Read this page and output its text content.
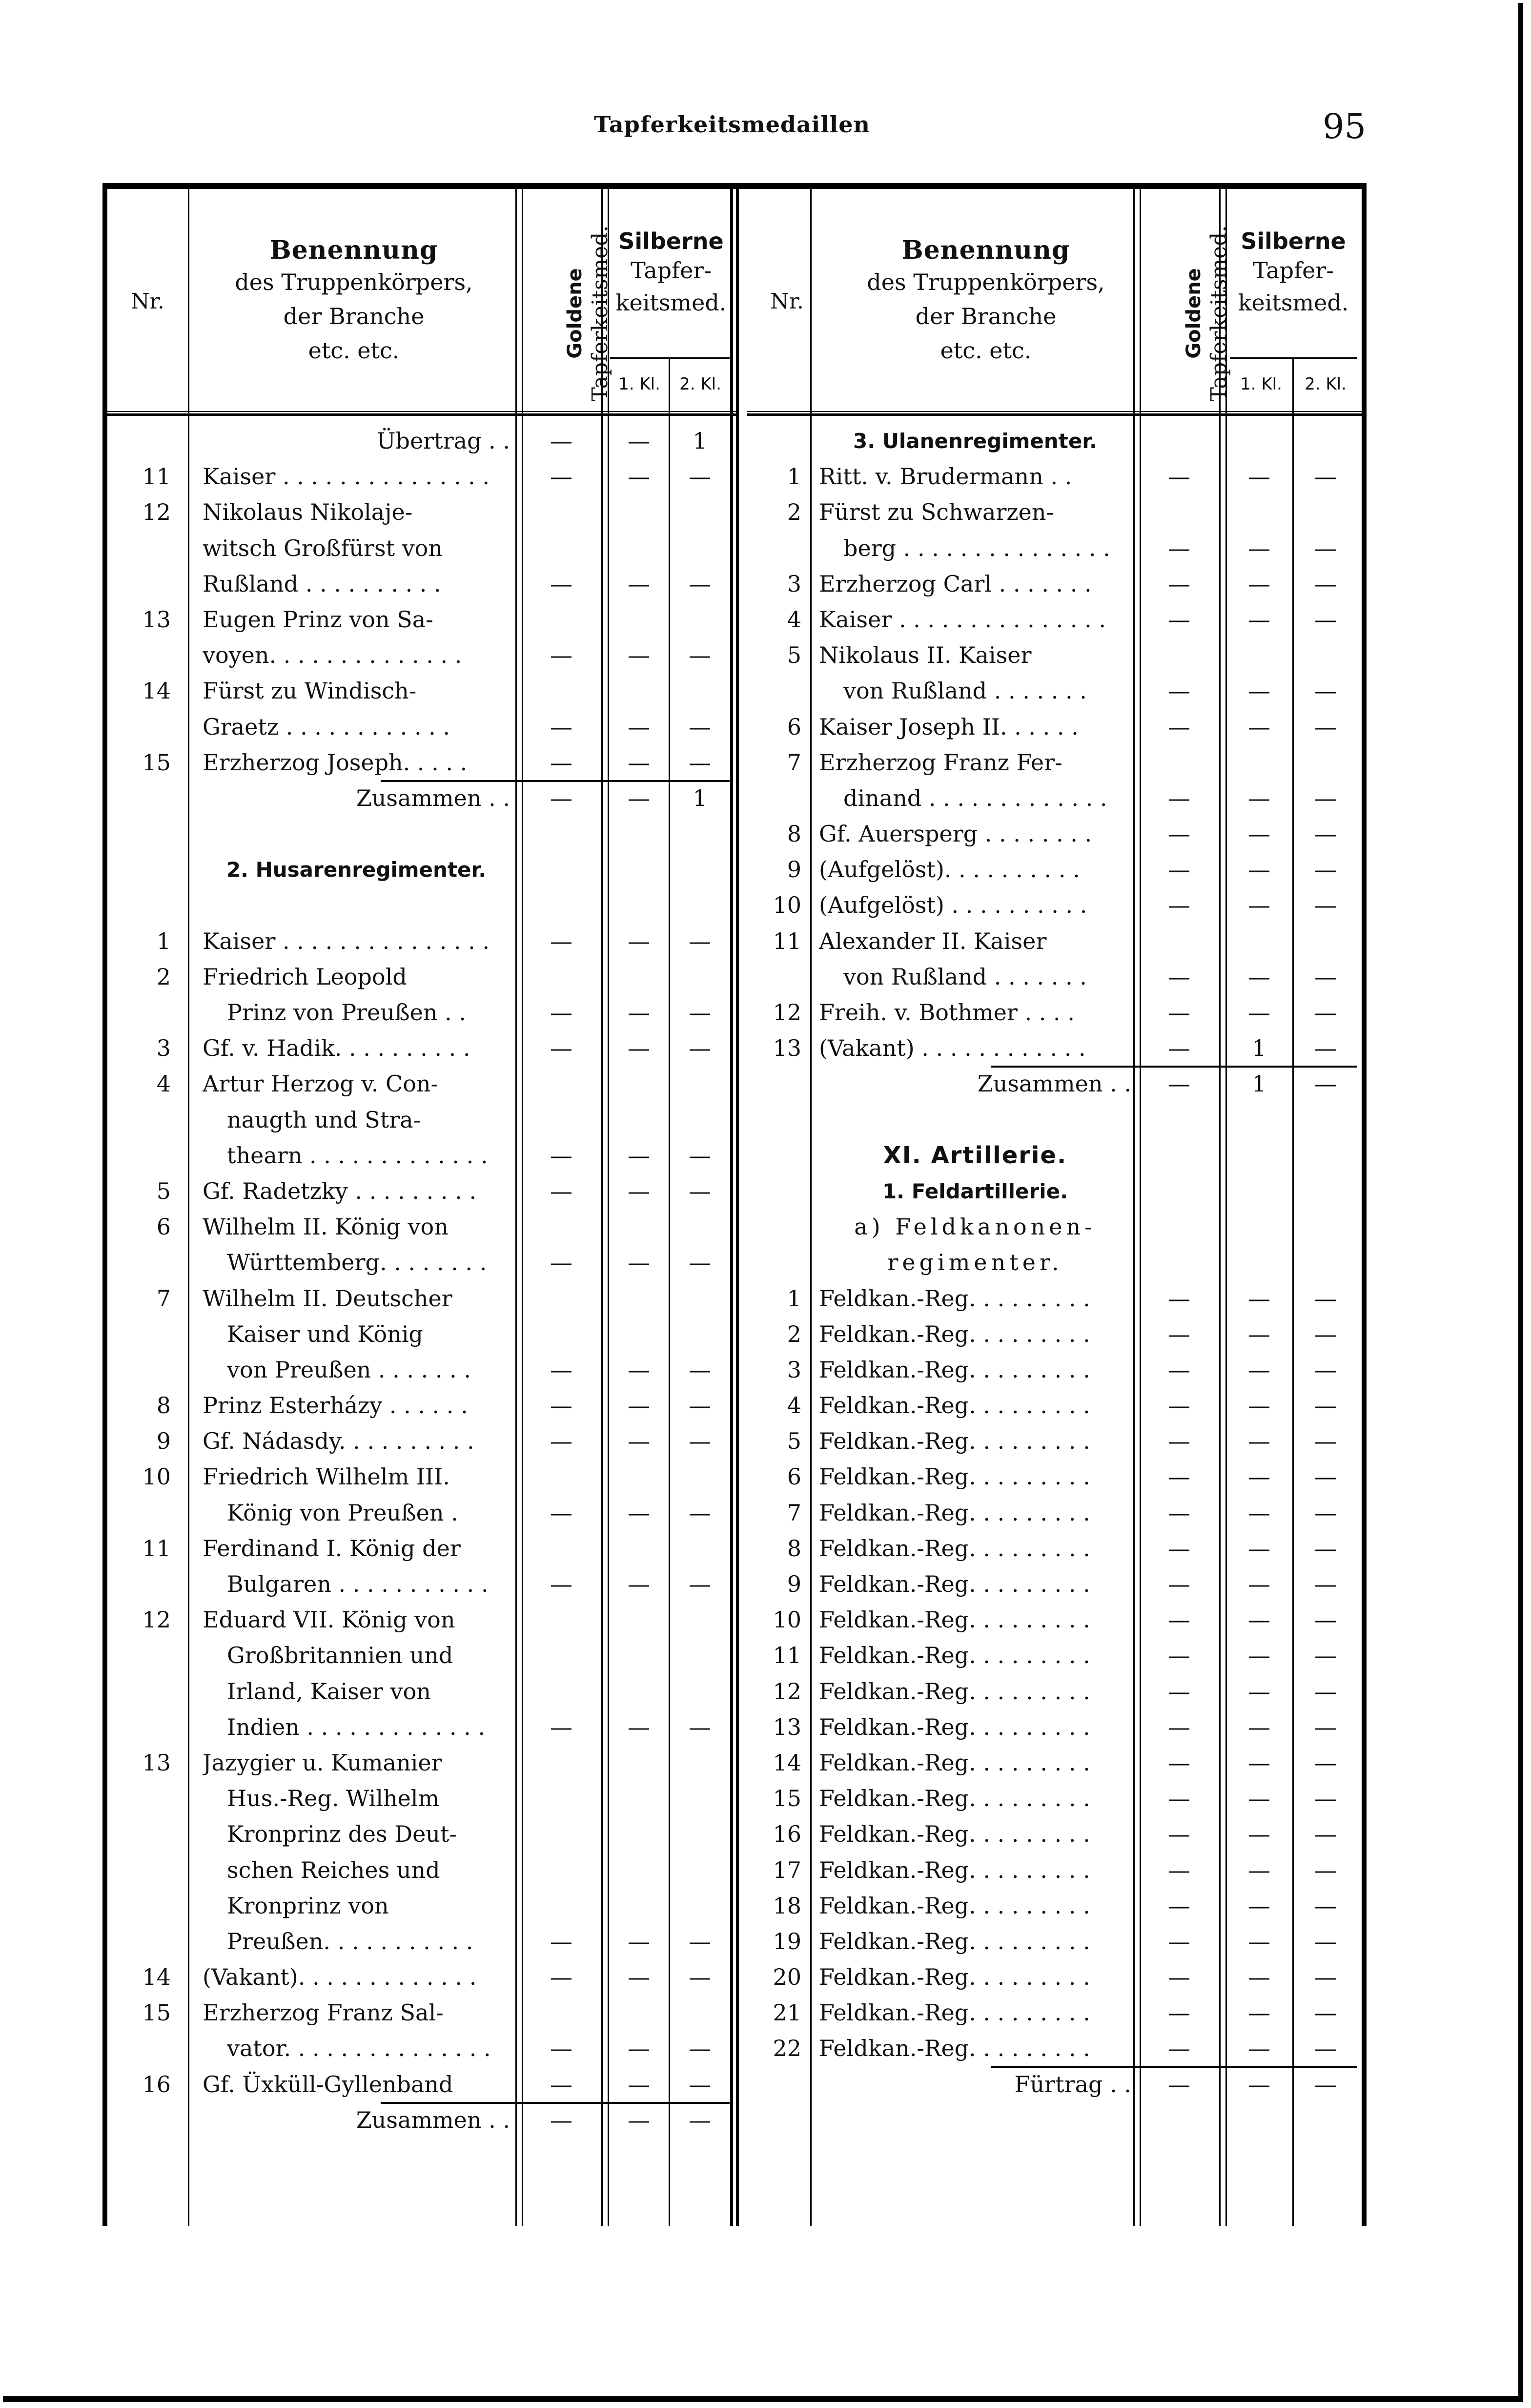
Tapferkeitsmedaillen	95
Nr.
Benennung
des Truppenkörpers,
der Branche
etc. etc.	Goldene Tapferkeitsmed. Silberne
Tapfer-
keitsmed.
1. Kl.	2. Kl.
Übertrag . .	—	—	1
11 Kaiser . . . . . . . . . . . . . . .	—	—	—
12 Nikolaus Nikolaje-
witsch Großfürst von
Rußland . . . . . . . . . .	—	—	—
13 Eugen Prinz von Sa-
voyen. . . . . . . . . . . . . .	—	—	—
14 Fürst zu Windisch-
Graetz . . . . . . . . . . . .	—	—	—
15 Erzherzog Joseph. . . . .	—	—	—
Zusammen . .	—	—	1
2. Husarenregimenter.
1 Kaiser . . . . . . . . . . . . . . .	—	—	—
2 Friedrich Leopold
Prinz von Preußen . .	—	—	—
3 Gf. v. Hadik. . . . . . . . . .	—	—	—
4 Artur Herzog v. Con-
naugth und Stra-
thearn . . . . . . . . . . . . .	—	—	—
5 Gf. Radetzky . . . . . . . . .	—	—	—
6 Wilhelm II. König von
Württemberg. . . . . . . .	—	—	—
7 Wilhelm II. Deutscher
Kaiser und König
von Preußen . . . . . . .	—	—	—
8 Prinz Esterházy . . . . . .	—	—	—
9 Gf. Nádasdy. . . . . . . . . .	—	—	—
10 Friedrich Wilhelm III.
König von Preußen .	—	—	—
11 Ferdinand I. König der
Bulgaren . . . . . . . . . . .	—	—	—
12 Eduard VII. König von
Großbritannien und
Irland, Kaiser von
Indien . . . . . . . . . . . . .	—	—	—
13 Jazygier u. Kumanier
Hus.-Reg. Wilhelm
Kronprinz des Deut-
schen Reiches und
Kronprinz von
Preußen. . . . . . . . . . .	—	—	—
14 (Vakant). . . . . . . . . . . . .	—	—	—
15 Erzherzog Franz Sal-
vator. . . . . . . . . . . . . . .	—	—	—
16 Gf. Üxküll-Gyllenband	—	—	—
Zusammen . .	—	—	—
Nr.
Benennung
des Truppenkörpers,
der Branche
etc. etc.	Goldene Tapferkeitsmed. Silberne
Tapfer-
keitsmed.
1. Kl.	2. Kl.
3. Ulanenregimenter.
1 Ritt. v. Brudermann . .	—	—	—
2 Fürst zu Schwarzen-
berg . . . . . . . . . . . . . . .	—	—	—
3 Erzherzog Carl . . . . . . .	—	—	—
4 Kaiser . . . . . . . . . . . . . . .	—	—	—
5 Nikolaus II. Kaiser
von Rußland . . . . . . .	—	—	—
6 Kaiser Joseph II. . . . . .	—	—	—
7 Erzherzog Franz Fer-
dinand . . . . . . . . . . . . .	—	—	—
8 Gf. Auersperg . . . . . . . .	—	—	—
9 (Aufgelöst). . . . . . . . . .	—	—	—
10 (Aufgelöst) . . . . . . . . . .	—	—	—
11 Alexander II. Kaiser
von Rußland . . . . . . .	—	—	—
12 Freih. v. Bothmer . . . .	—	—	—
13 (Vakant) . . . . . . . . . . . .	—	1	—
Zusammen . .	—	1	—
XI. Artillerie.
1. Feldartillerie.
a) Feldkanonen-
regimenter.
1 Feldkan.-Reg. . . . . . . . .	—	—	—
2 Feldkan.-Reg. . . . . . . . .	—	—	—
3 Feldkan.-Reg. . . . . . . . .	—	—	—
4 Feldkan.-Reg. . . . . . . . .	—	—	—
5 Feldkan.-Reg. . . . . . . . .	—	—	—
6 Feldkan.-Reg. . . . . . . . .	—	—	—
7 Feldkan.-Reg. . . . . . . . .	—	—	—
8 Feldkan.-Reg. . . . . . . . .	—	—	—
9 Feldkan.-Reg. . . . . . . . .	—	—	—
10 Feldkan.-Reg. . . . . . . . .	—	—	—
11 Feldkan.-Reg. . . . . . . . .	—	—	—
12 Feldkan.-Reg. . . . . . . . .	—	—	—
13 Feldkan.-Reg. . . . . . . . .	—	—	—
14 Feldkan.-Reg. . . . . . . . .	—	—	—
15 Feldkan.-Reg. . . . . . . . .	—	—	—
16 Feldkan.-Reg. . . . . . . . .	—	—	—
17 Feldkan.-Reg. . . . . . . . .	—	—	—
18 Feldkan.-Reg. . . . . . . . .	—	—	—
19 Feldkan.-Reg. . . . . . . . .	—	—	—
20 Feldkan.-Reg. . . . . . . . .	—	—	—
21 Feldkan.-Reg. . . . . . . . .	—	—	—
22 Feldkan.-Reg. . . . . . . . .	—	—	—
Fürtrag . .	—	—	—
